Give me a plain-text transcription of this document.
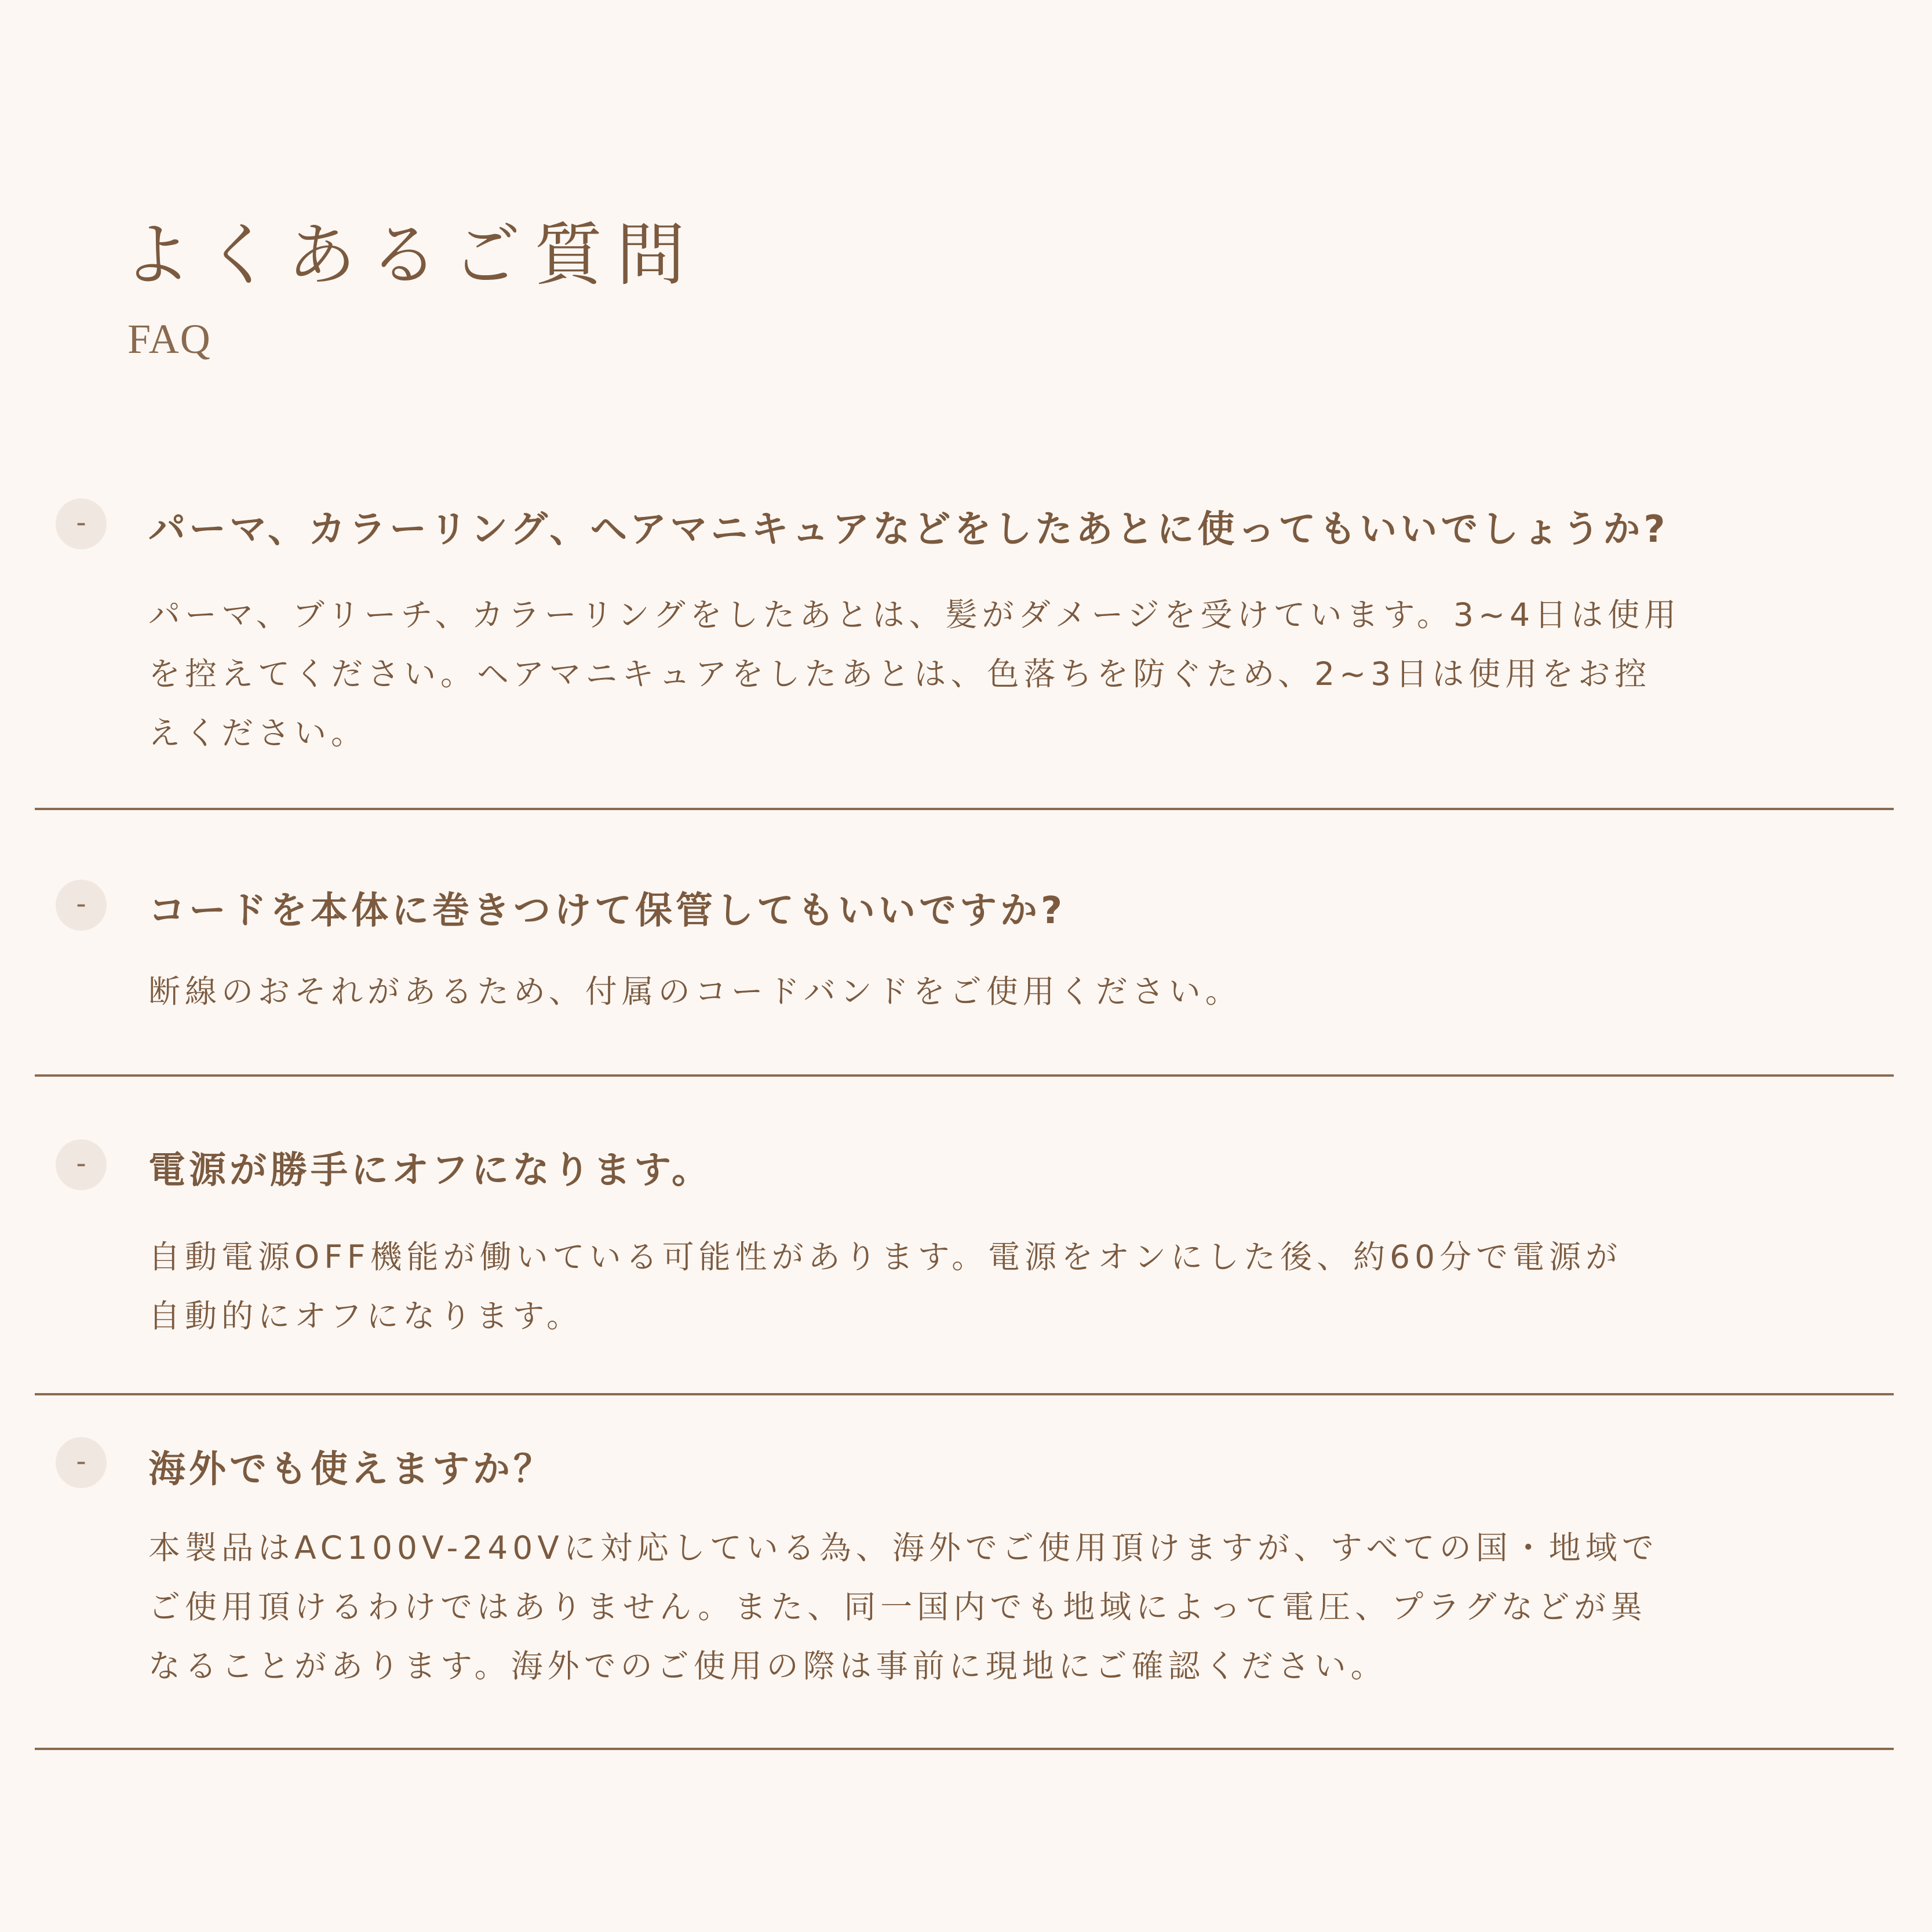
よくあるご質問
FAQ
-	パーマ、カラーリング、ヘアマニキュアなどをしたあとに使ってもいいでしょうか?
パーマ、ブリーチ、カラーリングをしたあとは、髪がダメージを受けています。3~4日は使用
を控えてください。ヘアマニキュアをしたあとは、色落ちを防ぐため、2~3日は使用をお控
えください。
-	コードを本体に巻きつけて保管してもいいですか?
断線のおそれがあるため、付属のコードバンドをご使用ください。
-	電源が勝手にオフになります。
自動電源OFF機能が働いている可能性があります。電源をオンにした後、約60分で電源が
自動的にオフになります。
-	海外でも使えますか？
本製品はAC100V-240Vに対応している為、海外でご使用頂けますが、すべての国・地域で
ご使用頂けるわけではありません。また、同一国内でも地域によって電圧、プラグなどが異
なることがあります。海外でのご使用の際は事前に現地にご確認ください。
